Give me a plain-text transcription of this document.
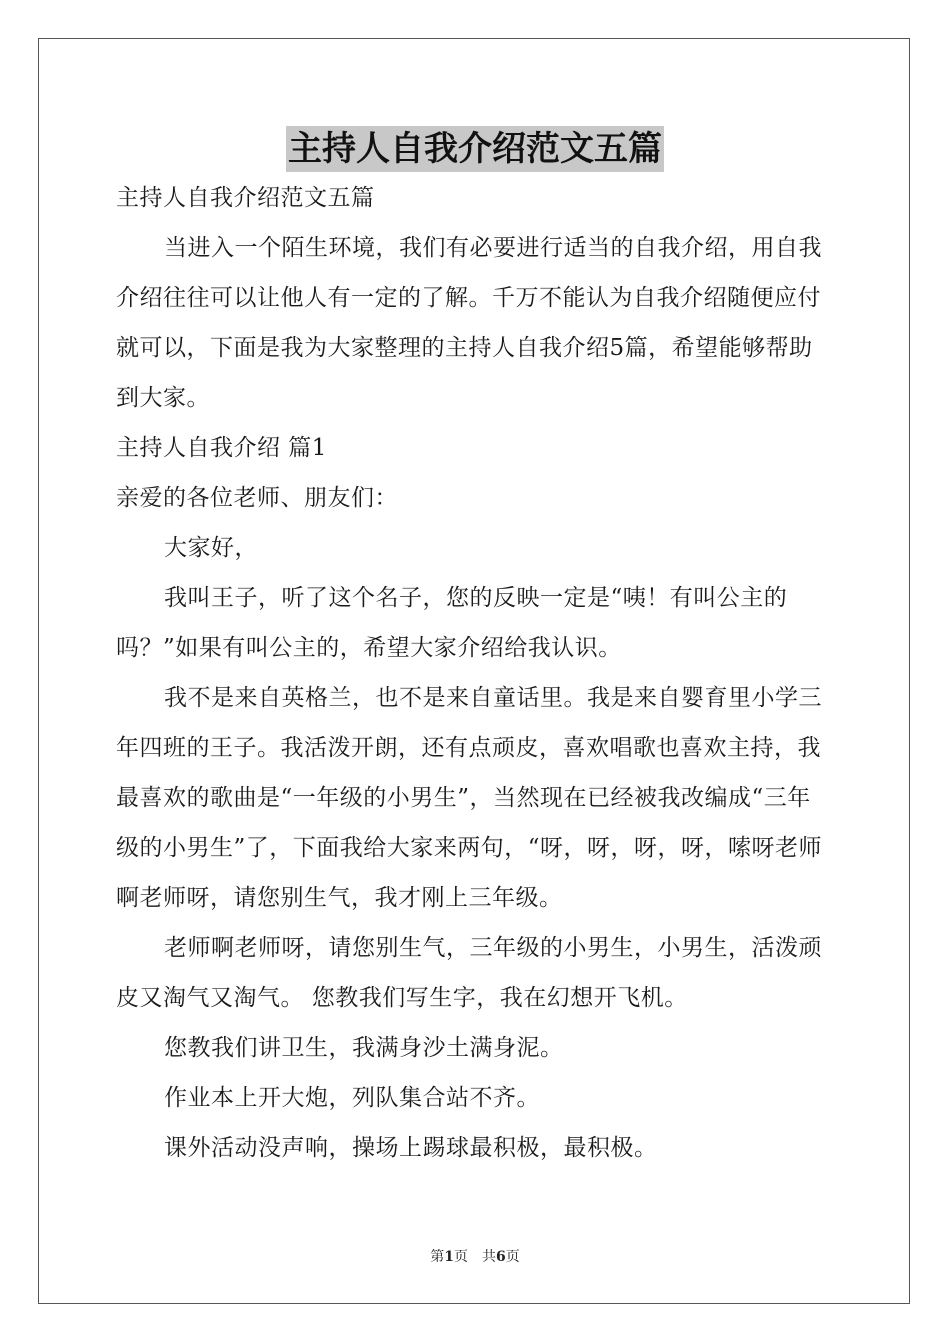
主持人自我介绍范文五篇

主持人自我介绍范文五篇

当进入一个陌生环境，我们有必要进行适当的自我介绍，用自我介绍往往可以让他人有一定的了解。千万不能认为自我介绍随便应付就可以，下面是我为大家整理的主持人自我介绍5篇，希望能够帮助到大家。

主持人自我介绍 篇1

亲爱的各位老师、朋友们：

大家好，

我叫王子，听了这个名子，您的反映一定是“咦！有叫公主的吗？”如果有叫公主的，希望大家介绍给我认识。

我不是来自英格兰，也不是来自童话里。我是来自婴育里小学三年四班的王子。我活泼开朗，还有点顽皮，喜欢唱歌也喜欢主持，我最喜欢的歌曲是“一年级的小男生”，当然现在已经被我改编成“三年级的小男生”了，下面我给大家来两句，“呀，呀，呀，呀，嗦呀老师啊老师呀，请您别生气，我才刚上三年级。

老师啊老师呀，请您别生气，三年级的小男生，小男生，活泼顽皮又淘气又淘气。 您教我们写生字，我在幻想开飞机。

您教我们讲卫生，我满身沙土满身泥。

作业本上开大炮，列队集合站不齐。

课外活动没声响，操场上踢球最积极，最积极。

第1页 共6页
